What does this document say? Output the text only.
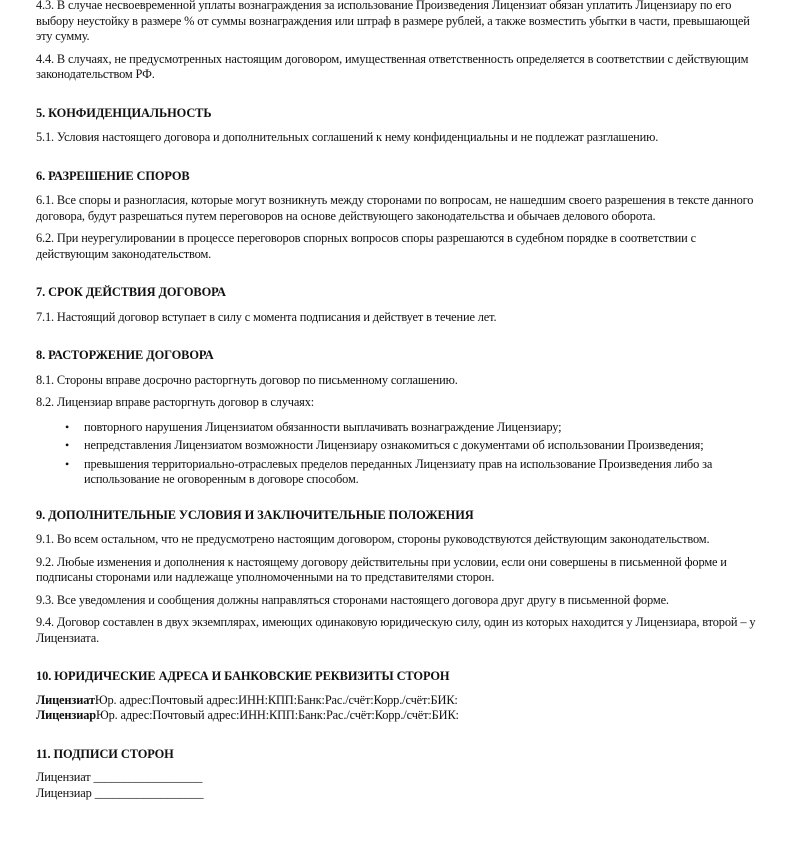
4.3. В случае несвоевременной уплаты вознаграждения за использование Произведения Лицензиат обязан уплатить Лицензиару по его выбору неустойку в размере % от суммы вознаграждения или штраф в размере рублей, а также возместить убытки в части, превышающей эту сумму.

4.4. В случаях, не предусмотренных настоящим договором, имущественная ответственность определяется в соответствии с действующим законодательством РФ.

5. КОНФИДЕНЦИАЛЬНОСТЬ

5.1. Условия настоящего договора и дополнительных соглашений к нему конфиденциальны и не подлежат разглашению.

6. РАЗРЕШЕНИЕ СПОРОВ

6.1. Все споры и разногласия, которые могут возникнуть между сторонами по вопросам, не нашедшим своего разрешения в тексте данного договора, будут разрешаться путем переговоров на основе действующего законодательства и обычаев делового оборота.

6.2. При неурегулировании в процессе переговоров спорных вопросов споры разрешаются в судебном порядке в соответствии с действующим законодательством.

7. СРОК ДЕЙСТВИЯ ДОГОВОРА

7.1. Настоящий договор вступает в силу с момента подписания и действует в течение лет.

8. РАСТОРЖЕНИЕ ДОГОВОРА

8.1. Стороны вправе досрочно расторгнуть договор по письменному соглашению.

8.2. Лицензиар вправе расторгнуть договор в случаях:

• повторного нарушения Лицензиатом обязанности выплачивать вознаграждение Лицензиару;
• непредставления Лицензиатом возможности Лицензиару ознакомиться с документами об использовании Произведения;
• превышения территориально-отраслевых пределов переданных Лицензиату прав на использование Произведения либо за использование не оговоренным в договоре способом.

9. ДОПОЛНИТЕЛЬНЫЕ УСЛОВИЯ И ЗАКЛЮЧИТЕЛЬНЫЕ ПОЛОЖЕНИЯ

9.1. Во всем остальном, что не предусмотрено настоящим договором, стороны руководствуются действующим законодательством.

9.2. Любые изменения и дополнения к настоящему договору действительны при условии, если они совершены в письменной форме и подписаны сторонами или надлежаще уполномоченными на то представителями сторон.

9.3. Все уведомления и сообщения должны направляться сторонами настоящего договора друг другу в письменной форме.

9.4. Договор составлен в двух экземплярах, имеющих одинаковую юридическую силу, один из которых находится у Лицензиара, второй – у Лицензиата.

10. ЮРИДИЧЕСКИЕ АДРЕСА И БАНКОВСКИЕ РЕКВИЗИТЫ СТОРОН

ЛицензиатЮр. адрес:Почтовый адрес:ИНН:КПП:Банк:Рас./счёт:Корр./счёт:БИК:
ЛицензиарЮр. адрес:Почтовый адрес:ИНН:КПП:Банк:Рас./счёт:Корр./счёт:БИК:

11. ПОДПИСИ СТОРОН

Лицензиат __________________
Лицензиар __________________
